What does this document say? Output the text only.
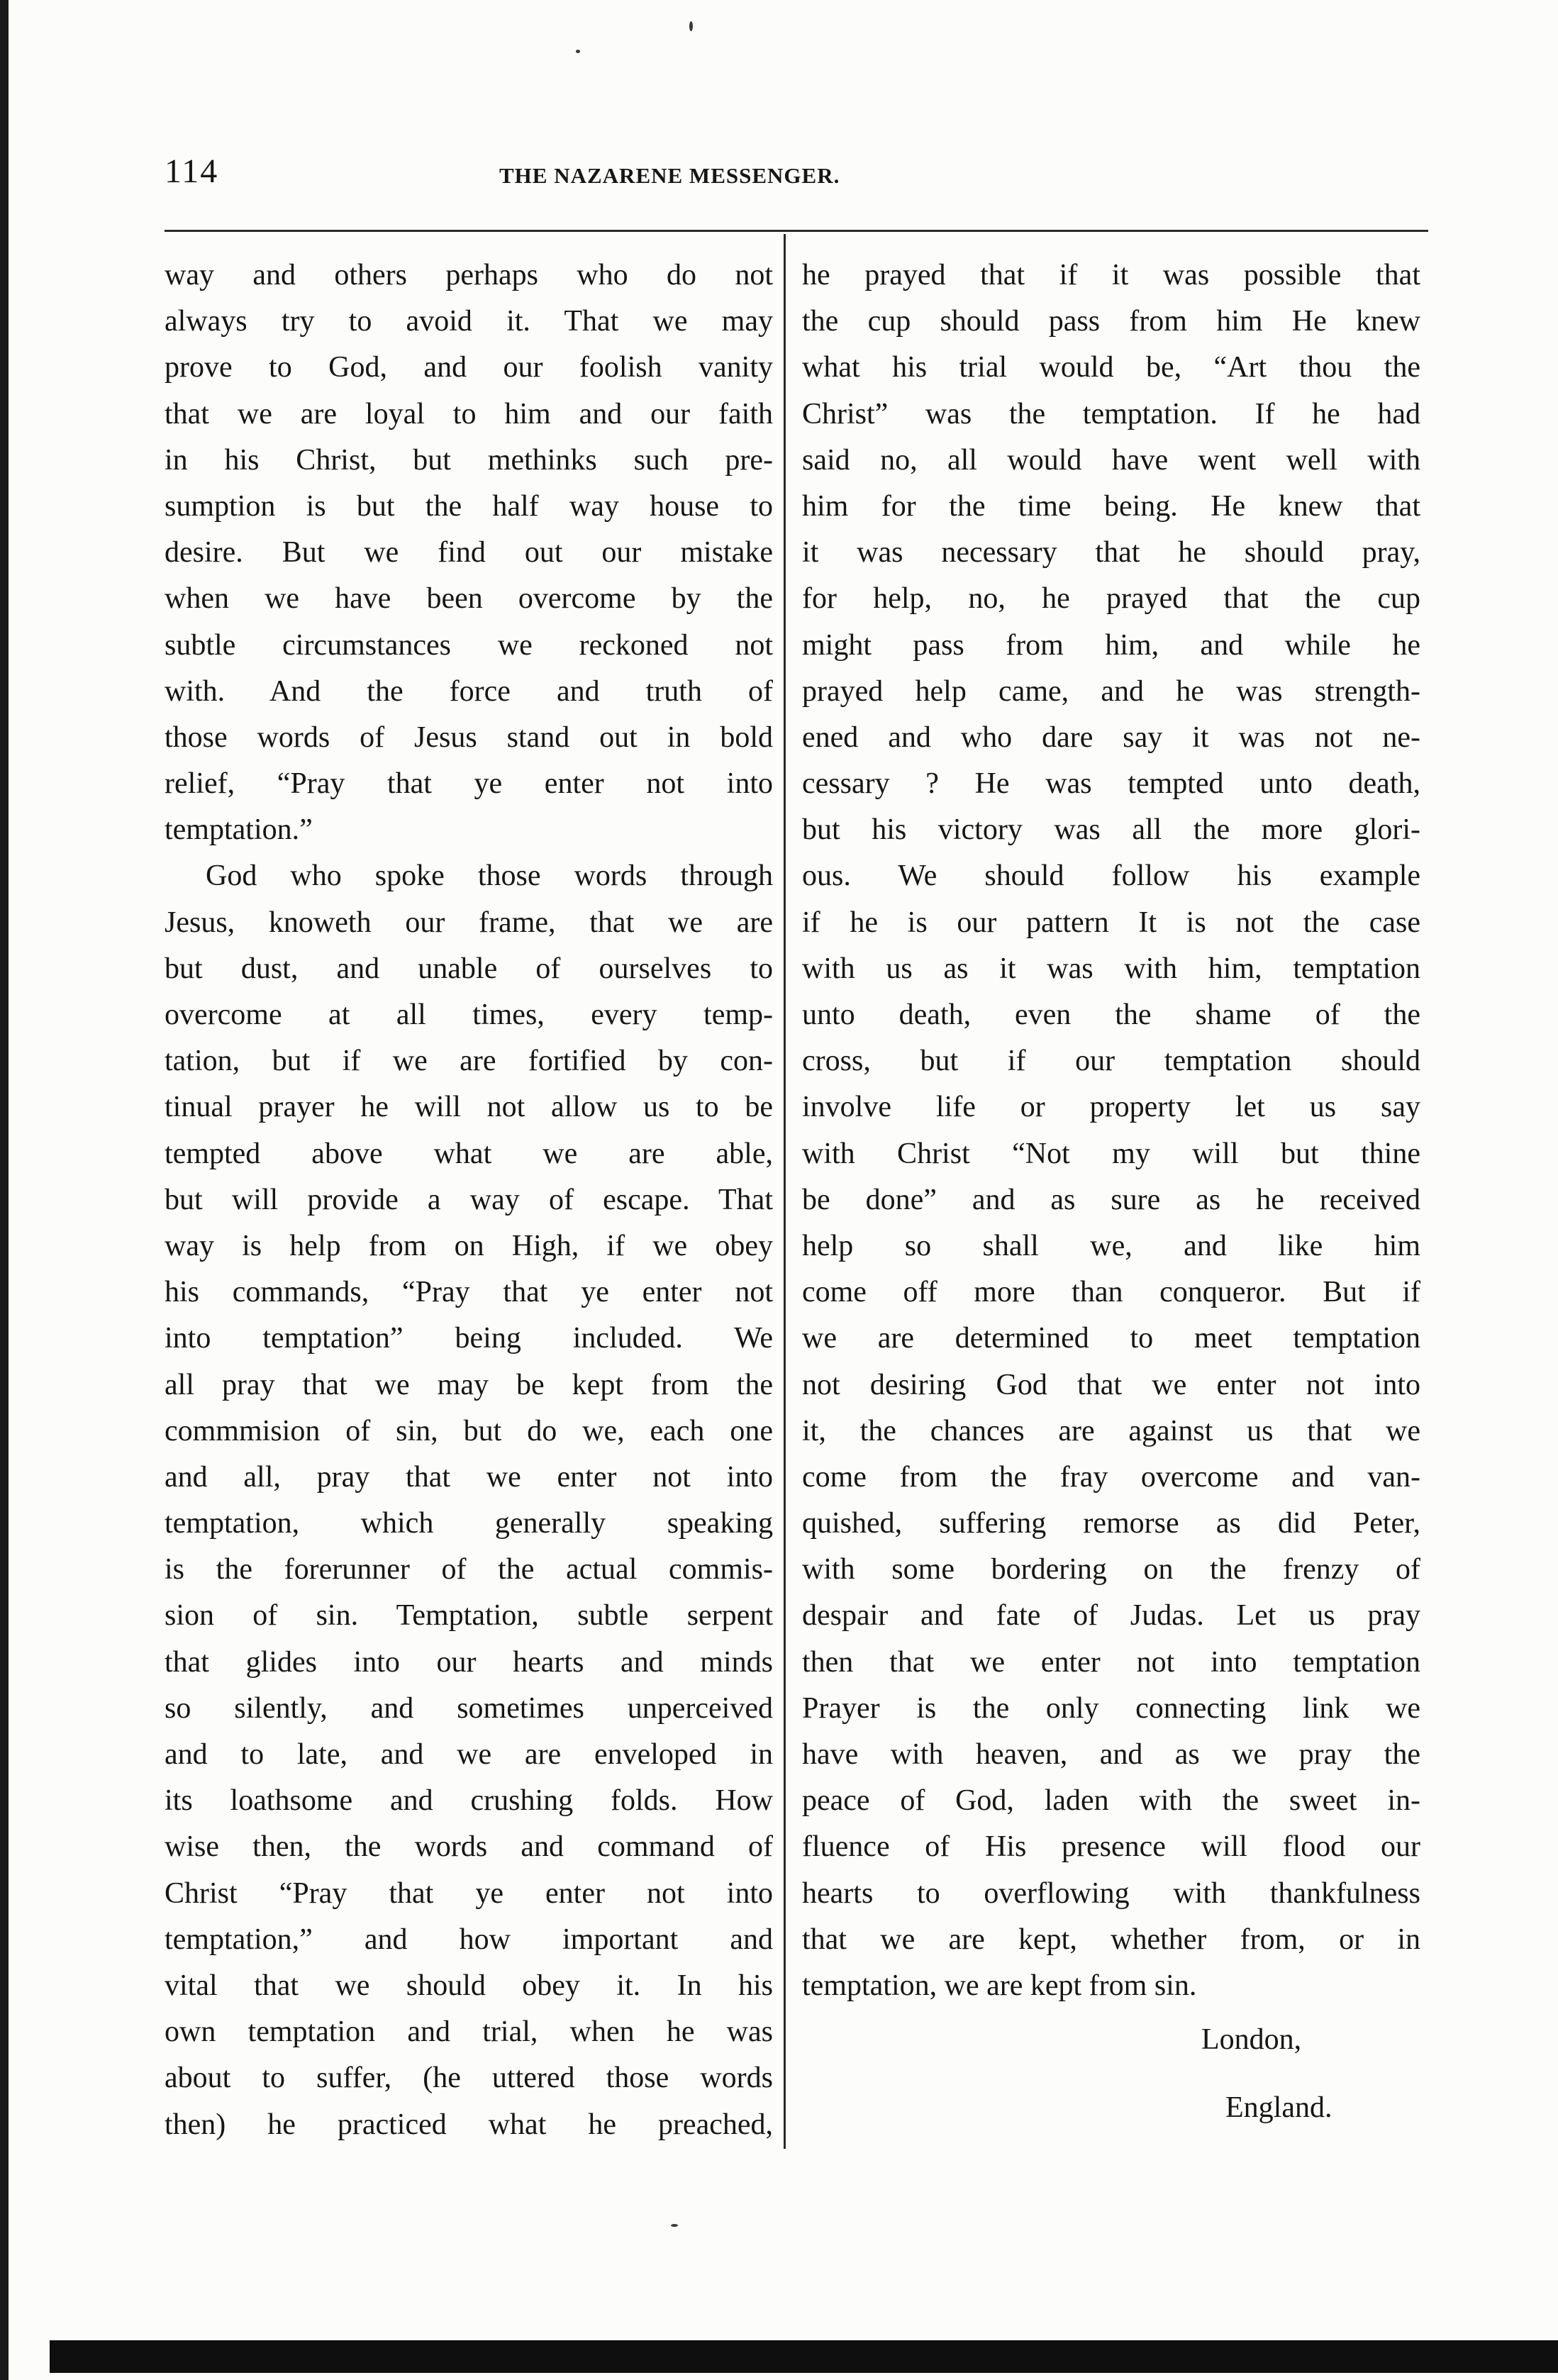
114	THE NAZARENE MESSENGER.
way and others perhaps who do not
always try to avoid it. That we may
prove to God, and our foolish vanity
that we are loyal to him and our faith
in his Christ, but methinks such pre-
sumption is but the half way house to
desire. But we find out our mistake
when we have been overcome by the
subtle circumstances we reckoned not
with. And the force and truth of
those words of Jesus stand out in bold
relief, “Pray that ye enter not into
temptation.”
God who spoke those words through
Jesus, knoweth our frame, that we are
but dust, and unable of ourselves to
overcome at all times, every temp-
tation, but if we are fortified by con-
tinual prayer he will not allow us to be
tempted above what we are able,
but will provide a way of escape. That
way is help from on High, if we obey
his commands, “Pray that ye enter not
into temptation” being included. We
all pray that we may be kept from the
commmision of sin, but do we, each one
and all, pray that we enter not into
temptation, which generally speaking
is the forerunner of the actual commis-
sion of sin. Temptation, subtle serpent
that glides into our hearts and minds
so silently, and sometimes unperceived
and to late, and we are enveloped in
its loathsome and crushing folds. How
wise then, the words and command of
Christ “Pray that ye enter not into
temptation,” and how important and
vital that we should obey it. In his
own temptation and trial, when he was
about to suffer, (he uttered those words
then) he practiced what he preached,
he prayed that if it was possible that
the cup should pass from him He knew
what his trial would be, “Art thou the
Christ” was the temptation. If he had
said no, all would have went well with
him for the time being. He knew that
it was necessary that he should pray,
for help, no, he prayed that the cup
might pass from him, and while he
prayed help came, and he was strength-
ened and who dare say it was not ne-
cessary ? He was tempted unto death,
but his victory was all the more glori-
ous. We should follow his example
if he is our pattern It is not the case
with us as it was with him, temptation
unto death, even the shame of the
cross, but if our temptation should
involve life or property let us say
with Christ “Not my will but thine
be done” and as sure as he received
help so shall we, and like him
come off more than conqueror. But if
we are determined to meet temptation
not desiring God that we enter not into
it, the chances are against us that we
come from the fray overcome and van-
quished, suffering remorse as did Peter,
with some bordering on the frenzy of
despair and fate of Judas. Let us pray
then that we enter not into temptation
Prayer is the only connecting link we
have with heaven, and as we pray the
peace of God, laden with the sweet in-
fluence of His presence will flood our
hearts to overflowing with thankfulness
that we are kept, whether from, or in
temptation, we are kept from sin.
London,
England.
